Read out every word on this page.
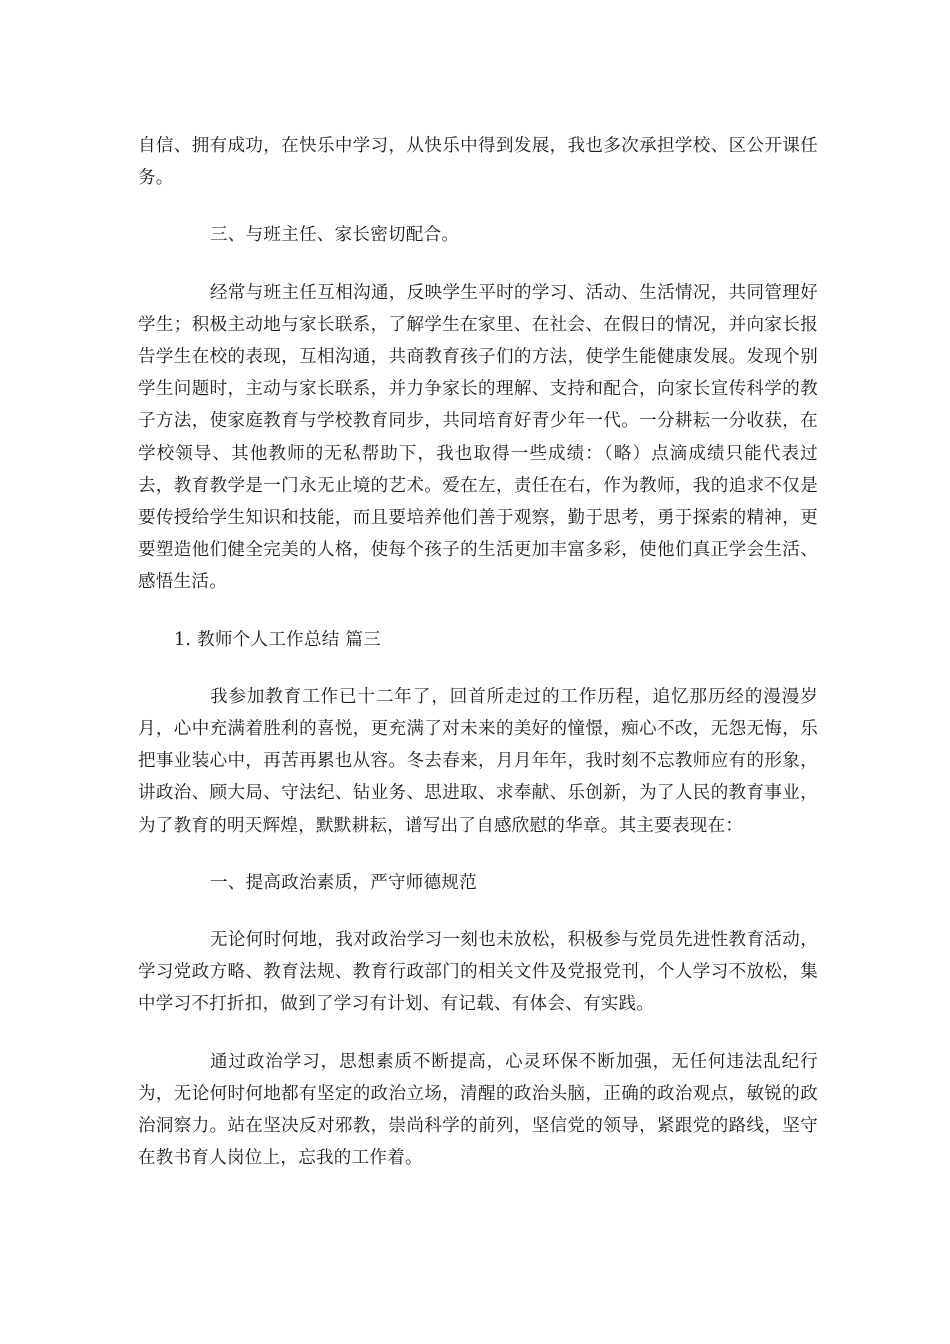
自信、拥有成功，在快乐中学习，从快乐中得到发展，我也多次承担学校、区公开课任务。

三、与班主任、家长密切配合。

经常与班主任互相沟通，反映学生平时的学习、活动、生活情况，共同管理好学生；积极主动地与家长联系，了解学生在家里、在社会、在假日的情况，并向家长报告学生在校的表现，互相沟通，共商教育孩子们的方法，使学生能健康发展。发现个别学生问题时，主动与家长联系，并力争家长的理解、支持和配合，向家长宣传科学的教子方法，使家庭教育与学校教育同步，共同培育好青少年一代。一分耕耘一分收获，在学校领导、其他教师的无私帮助下，我也取得一些成绩：（略）点滴成绩只能代表过去，教育教学是一门永无止境的艺术。爱在左，责任在右，作为教师，我的追求不仅是要传授给学生知识和技能，而且要培养他们善于观察，勤于思考，勇于探索的精神，更要塑造他们健全完美的人格，使每个孩子的生活更加丰富多彩，使他们真正学会生活、感悟生活。

1. 教师个人工作总结 篇三

我参加教育工作已十二年了，回首所走过的工作历程，追忆那历经的漫漫岁月，心中充满着胜利的喜悦，更充满了对未来的美好的憧憬，痴心不改，无怨无悔，乐把事业装心中，再苦再累也从容。冬去春来，月月年年，我时刻不忘教师应有的形象，讲政治、顾大局、守法纪、钻业务、思进取、求奉献、乐创新，为了人民的教育事业，为了教育的明天辉煌，默默耕耘，谱写出了自感欣慰的华章。其主要表现在：

一、提高政治素质，严守师德规范

无论何时何地，我对政治学习一刻也未放松，积极参与党员先进性教育活动，学习党政方略、教育法规、教育行政部门的相关文件及党报党刊，个人学习不放松，集中学习不打折扣，做到了学习有计划、有记载、有体会、有实践。

通过政治学习，思想素质不断提高，心灵环保不断加强，无任何违法乱纪行为，无论何时何地都有坚定的政治立场，清醒的政治头脑，正确的政治观点，敏锐的政治洞察力。站在坚决反对邪教，崇尚科学的前列，坚信党的领导，紧跟党的路线，坚守在教书育人岗位上，忘我的工作着。
